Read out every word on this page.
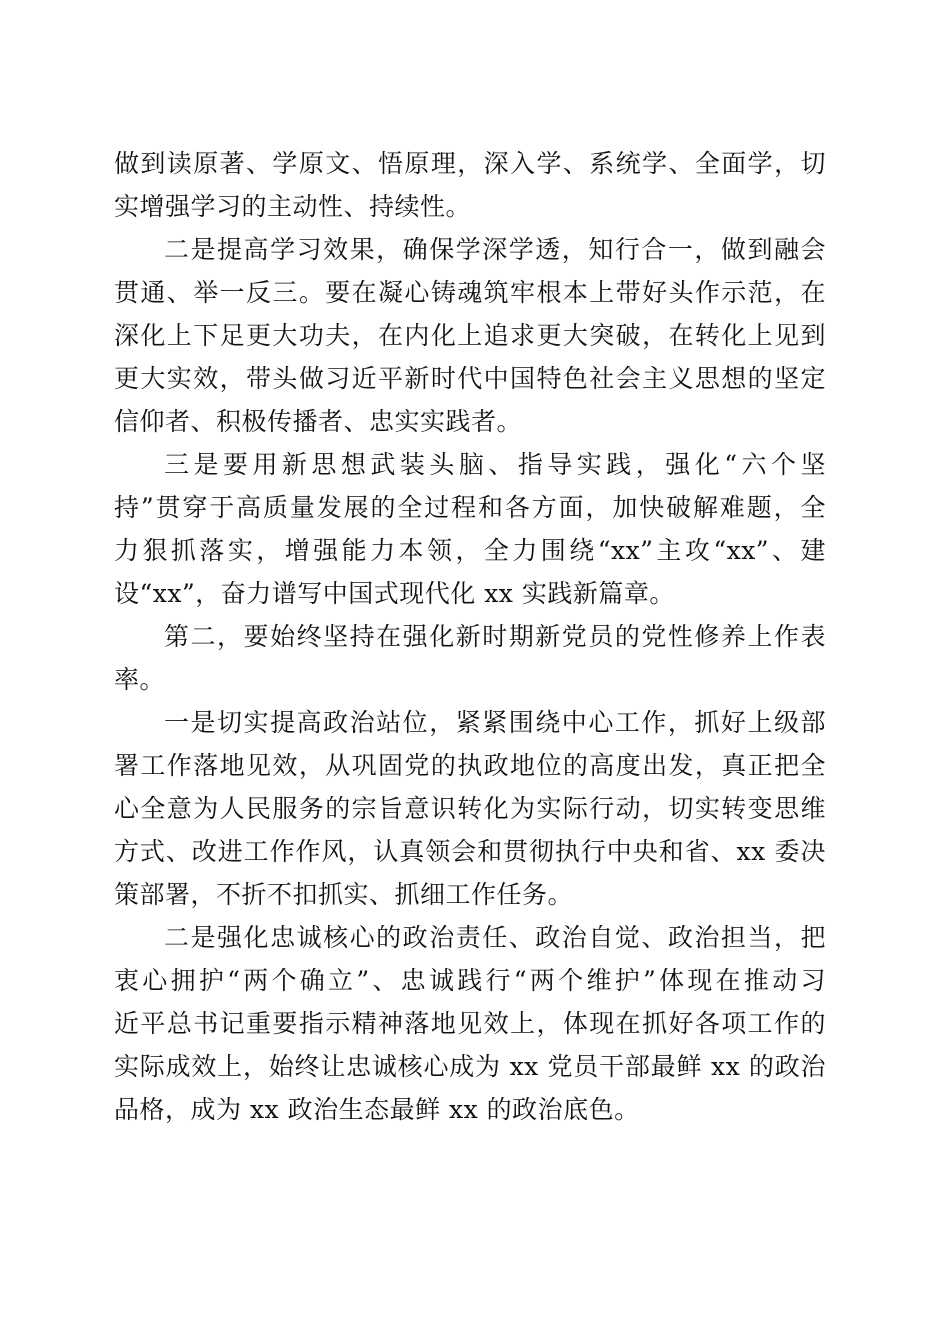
做到读原著、学原文、悟原理，深入学、系统学、全面学，切
实增强学习的主动性、持续性。
二是提高学习效果，确保学深学透，知行合一，做到融会
贯通、举一反三。要在凝心铸魂筑牢根本上带好头作示范，在
深化上下足更大功夫，在内化上追求更大突破，在转化上见到
更大实效，带头做习近平新时代中国特色社会主义思想的坚定
信仰者、积极传播者、忠实实践者。
三是要用新思想武装头脑、指导实践，强化“六个坚
持”贯穿于高质量发展的全过程和各方面，加快破解难题，全
力狠抓落实，增强能力本领，全力围绕“xx”主攻“xx”、建
设“xx”，奋力谱写中国式现代化 xx 实践新篇章。
第二，要始终坚持在强化新时期新党员的党性修养上作表
率。
一是切实提高政治站位，紧紧围绕中心工作，抓好上级部
署工作落地见效，从巩固党的执政地位的高度出发，真正把全
心全意为人民服务的宗旨意识转化为实际行动，切实转变思维
方式、改进工作作风，认真领会和贯彻执行中央和省、xx 委决
策部署，不折不扣抓实、抓细工作任务。
二是强化忠诚核心的政治责任、政治自觉、政治担当，把
衷心拥护“两个确立”、忠诚践行“两个维护”体现在推动习
近平总书记重要指示精神落地见效上，体现在抓好各项工作的
实际成效上，始终让忠诚核心成为 xx 党员干部最鲜 xx 的政治
品格，成为 xx 政治生态最鲜 xx 的政治底色。
